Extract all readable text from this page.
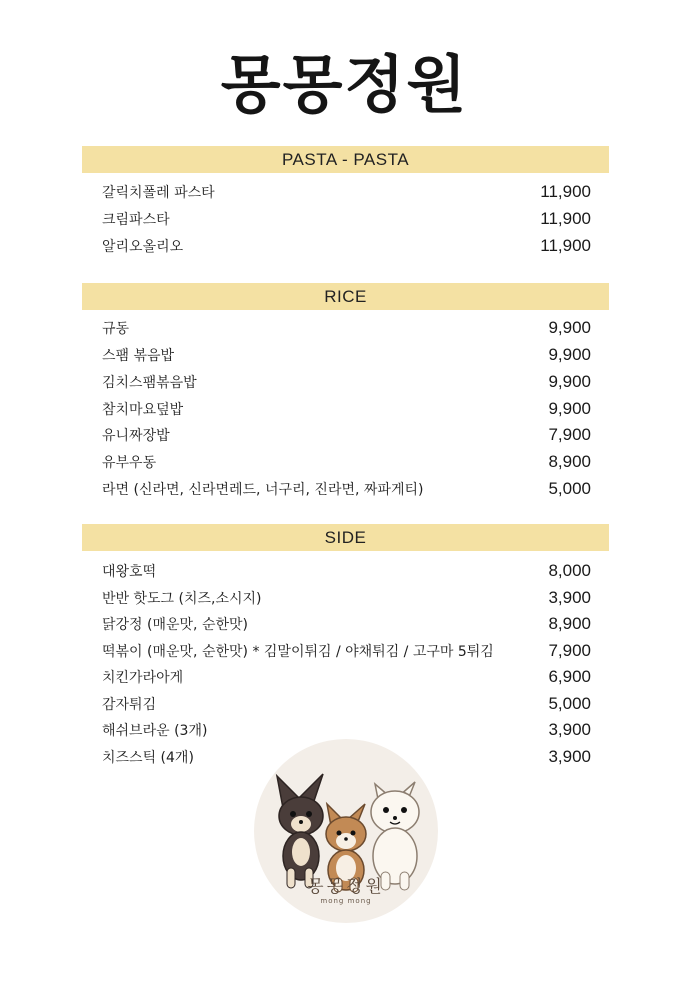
몽몽정원
PASTA - PASTA
갈릭치폴레 파스타	11,900
크림파스타	11,900
알리오올리오	11,900
RICE
규동	9,900
스팸 볶음밥	9,900
김치스팸볶음밥	9,900
참치마요덮밥	9,900
유니짜장밥	7,900
유부우동	8,900
라면 (신라면, 신라면레드, 너구리, 진라면, 짜파게티)	5,000
SIDE
대왕호떡	8,000
반반 핫도그 (치즈,소시지)	3,900
닭강정 (매운맛, 순한맛)	8,900
떡볶이 (매운맛, 순한맛) * 김말이튀김 / 야채튀김 / 고구마 5튀김	7,900
치킨가라아게	6,900
감자튀김	5,000
해쉬브라운 (3개)	3,900
치즈스틱 (4개)	3,900
몽몽정원
mong mong
